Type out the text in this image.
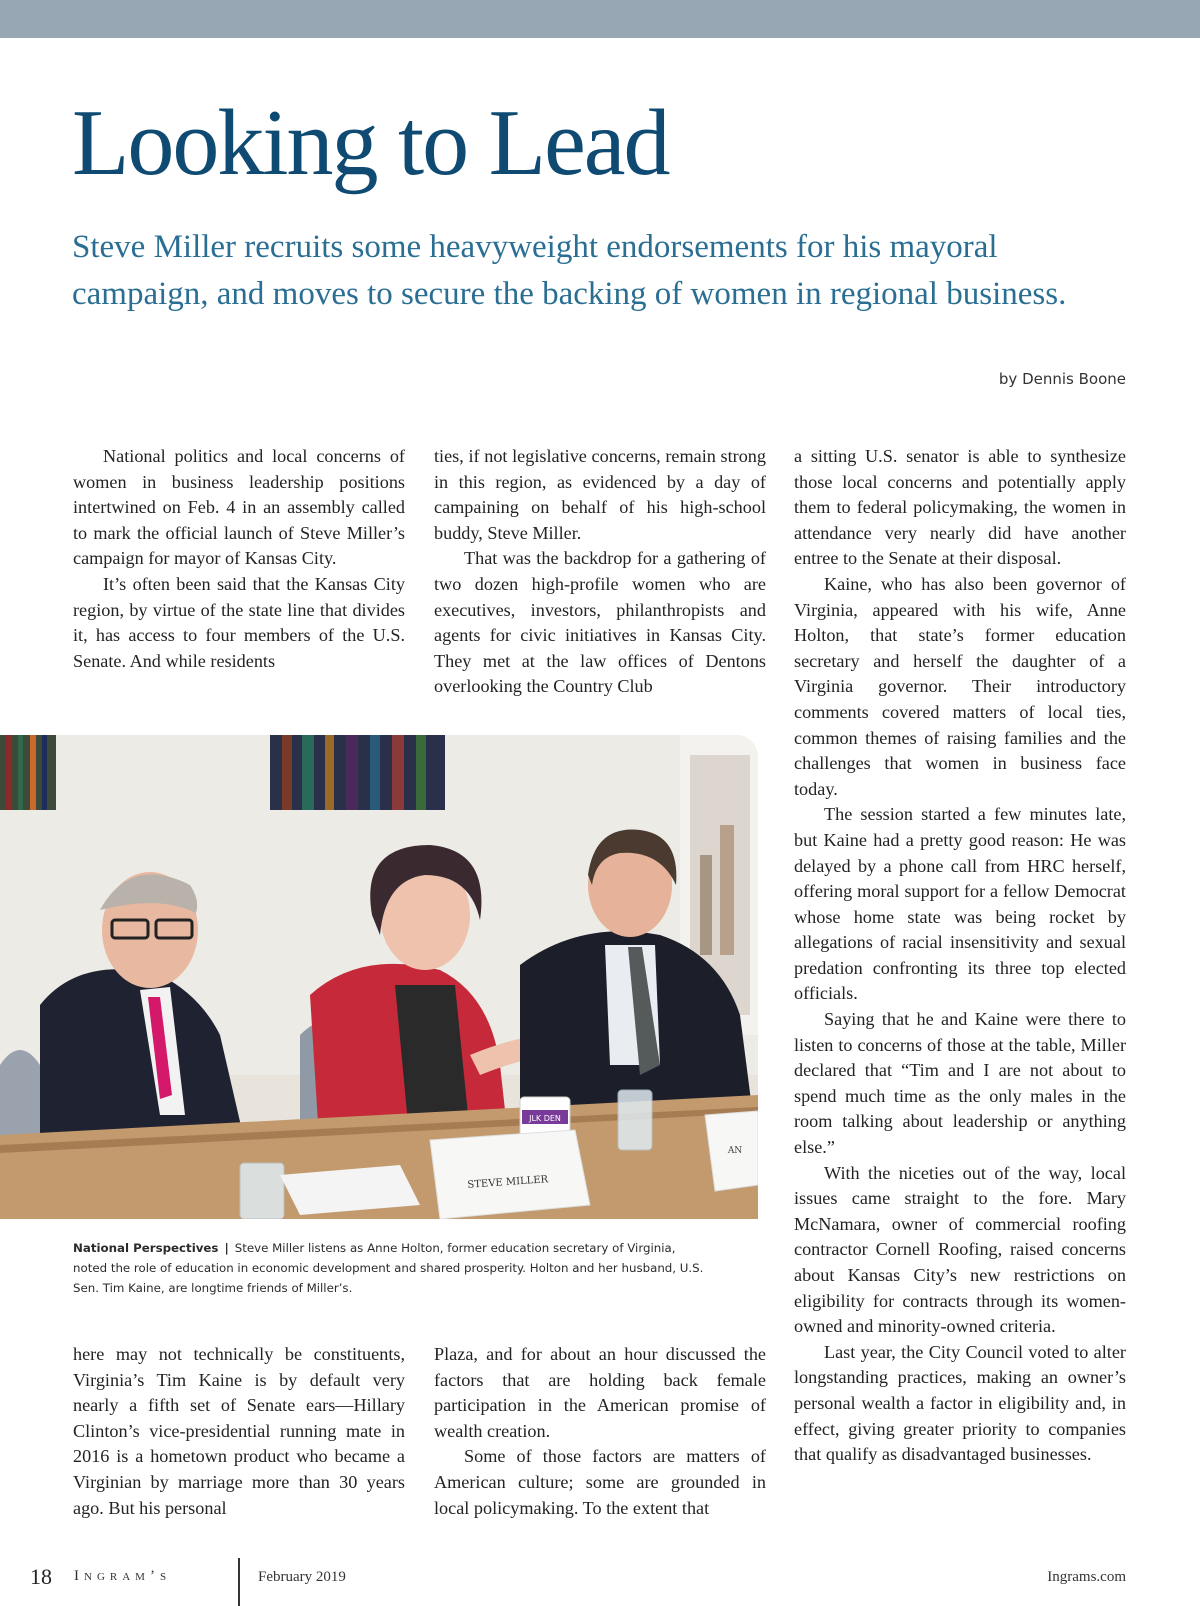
Looking to Lead
Steve Miller recruits some heavyweight endorsements for his mayoral campaign, and moves to secure the backing of women in regional business.
by Dennis Boone

National politics and local concerns of women in business leadership positions intertwined on Feb. 4 in an assembly called to mark the official launch of Steve Miller’s campaign for mayor of Kansas City.

It’s often been said that the Kansas City region, by virtue of the state line that divides it, has access to four members of the U.S. Senate. And while residents

ties, if not legislative concerns, remain strong in this region, as evidenced by a day of campaining on behalf of his high-school buddy, Steve Miller.

That was the backdrop for a gathering of two dozen high-profile women who are executives, investors, philanthropists and agents for civic initiatives in Kansas City. They met at the law offices of Dentons overlooking the Country Club

a sitting U.S. senator is able to synthesize those local concerns and potentially apply them to federal policymaking, the women in attendance very nearly did have another entree to the Senate at their disposal.

Kaine, who has also been governor of Virginia, appeared with his wife, Anne Holton, that state’s former education secretary and herself the daughter of a Virginia governor. Their introductory comments covered matters of local ties, common themes of raising families and the challenges that women in business face today.

The session started a few minutes late, but Kaine had a pretty good reason: He was delayed by a phone call from HRC herself, offering moral support for a fellow Democrat whose home state was being rocket by allegations of racial insensitivity and sexual predation confronting its three top elected officials.

Saying that he and Kaine were there to listen to concerns of those at the table, Miller declared that “Tim and I are not about to spend much time as the only males in the room talking about leadership or anything else.”

With the niceties out of the way, local issues came straight to the fore. Mary McNamara, owner of commercial roofing contractor Cornell Roofing, raised concerns about Kansas City’s new restrictions on eligibility for contracts through its women-owned and minority-owned criteria.

Last year, the City Council voted to alter longstanding practices, making an owner’s personal wealth a factor in eligibility and, in effect, giving greater priority to companies that qualify as disadvantaged businesses.

JLK DEN
STEVE MILLER
AN
National Perspectives | Steve Miller listens as Anne Holton, former education secretary of Virginia, noted the role of education in economic development and shared prosperity. Holton and her husband, U.S. Sen. Tim Kaine, are longtime friends of Miller’s.

here may not technically be constituents, Virginia’s Tim Kaine is by default very nearly a fifth set of Senate ears—Hillary Clinton’s vice-presidential running mate in 2016 is a hometown product who became a Virginian by marriage more than 30 years ago. But his personal

Plaza, and for about an hour discussed the factors that are holding back female participation in the American promise of wealth creation.

Some of those factors are matters of American culture; some are grounded in local policymaking. To the extent that

18 Ingram’s	February 2019	Ingrams.com
